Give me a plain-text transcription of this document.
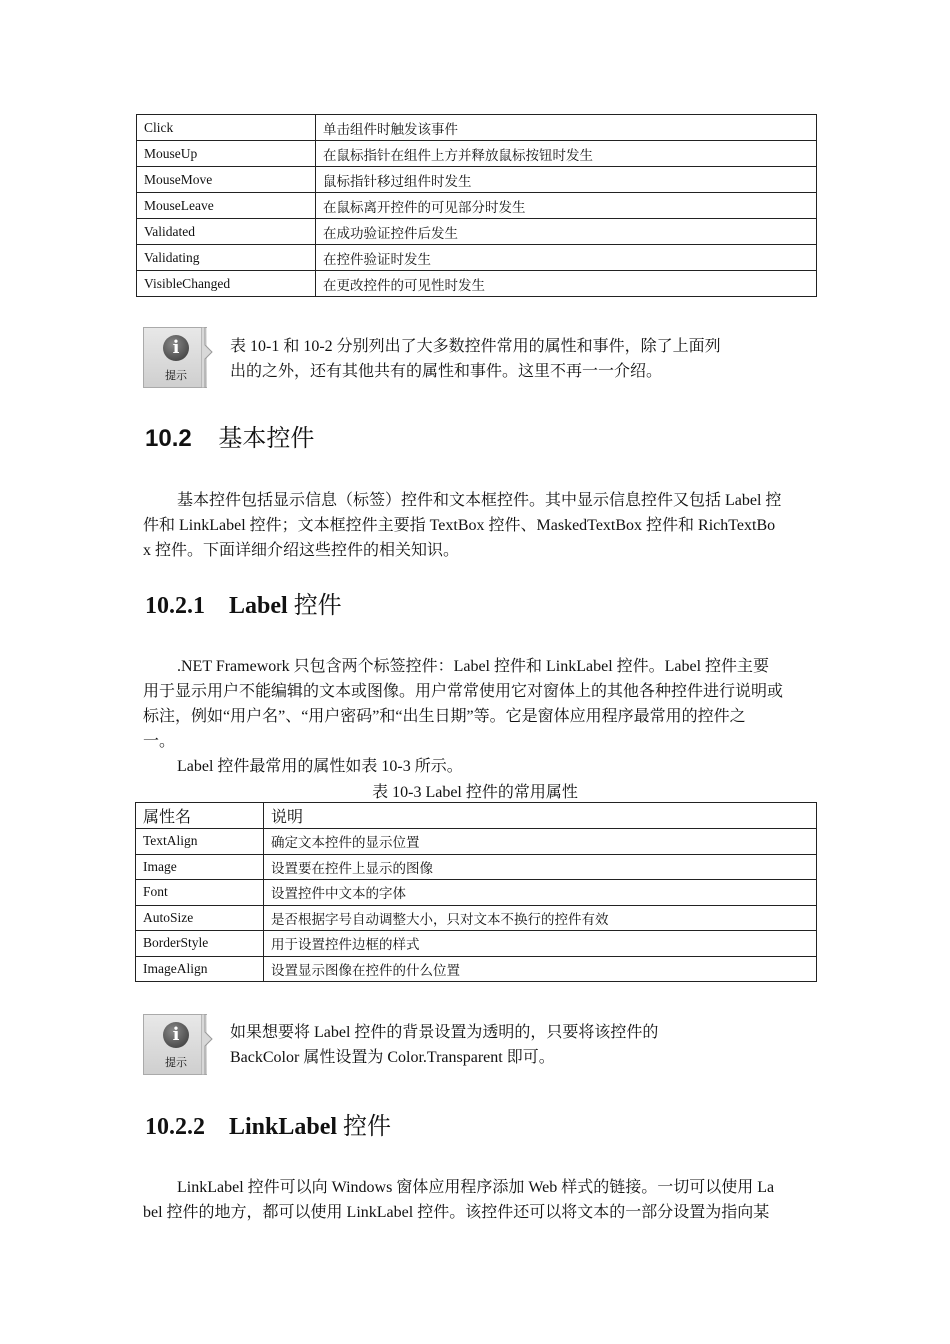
Click	单击组件时触发该事件
MouseUp	在鼠标指针在组件上方并释放鼠标按钮时发生
MouseMove	鼠标指针移过组件时发生
MouseLeave	在鼠标离开控件的可见部分时发生
Validated	在成功验证控件后发生
Validating	在控件验证时发生
VisibleChanged	在更改控件的可见性时发生
i
提示
表 10-1 和 10-2 分别列出了大多数控件常用的属性和事件，除了上面列
出的之外，还有其他共有的属性和事件。这里不再一一介绍。
10.2 基本控件
基本控件包括显示信息（标签）控件和文本框控件。其中显示信息控件又包括 Label 控
件和 LinkLabel 控件；文本框控件主要指 TextBox 控件、MaskedTextBox 控件和 RichTextBo
x 控件。下面详细介绍这些控件的相关知识。
10.2.1 Label 控件
.NET Framework 只包含两个标签控件：Label 控件和 LinkLabel 控件。Label 控件主要
用于显示用户不能编辑的文本或图像。用户常常使用它对窗体上的其他各种控件进行说明或
标注，例如“用户名”、“用户密码”和“出生日期”等。它是窗体应用程序最常用的控件之
一。
Label 控件最常用的属性如表 10-3 所示。

表 10-3 Label 控件的常用属性

属性名	说明
TextAlign	确定文本控件的显示位置
Image	设置要在控件上显示的图像
Font	设置控件中文本的字体
AutoSize	是否根据字号自动调整大小，只对文本不换行的控件有效
BorderStyle	用于设置控件边框的样式
ImageAlign	设置显示图像在控件的什么位置
i
提示
如果想要将 Label 控件的背景设置为透明的，只要将该控件的
BackColor 属性设置为 Color.Transparent 即可。
10.2.2 LinkLabel 控件
LinkLabel 控件可以向 Windows 窗体应用程序添加 Web 样式的链接。一切可以使用 La
bel 控件的地方，都可以使用 LinkLabel 控件。该控件还可以将文本的一部分设置为指向某
